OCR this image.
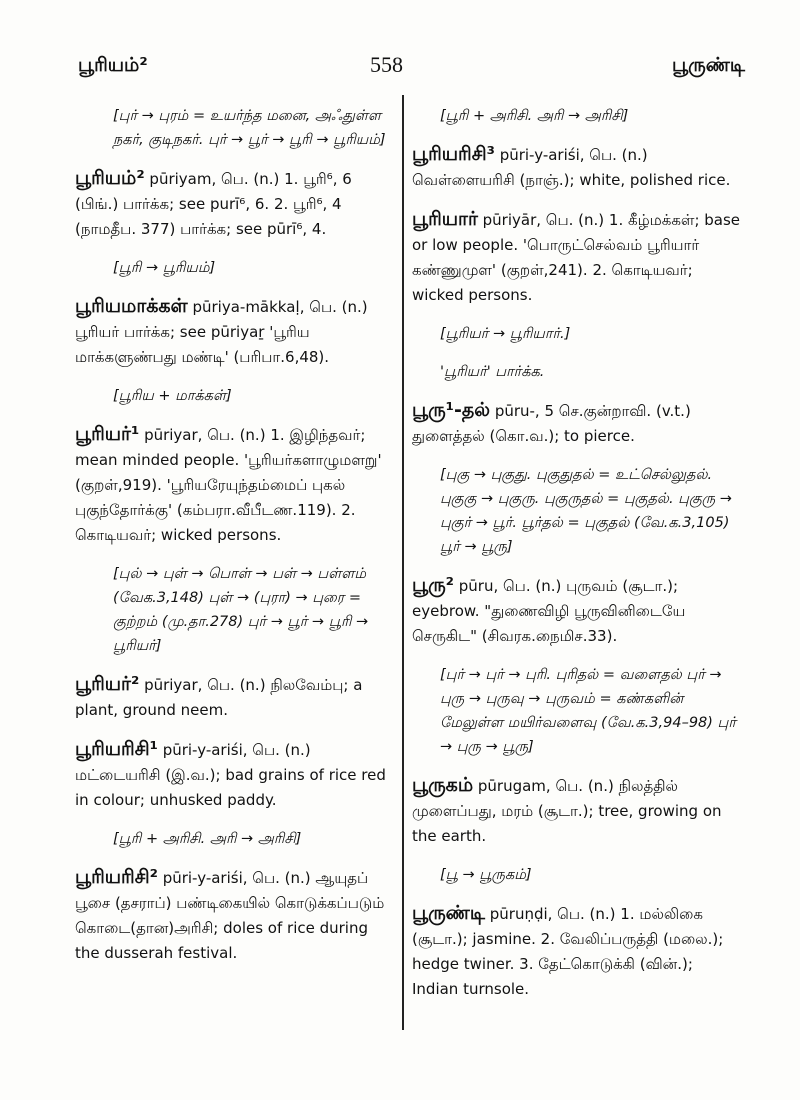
பூரியம்²	558	பூருண்டி
[புர் → புரம் = உயர்ந்த மனை, அஃதுள்ள நகர், குடிநகர். புர் → பூர் → பூரி → பூரியம்]
பூரியம்² pūriyam, பெ. (n.) 1. பூரி⁶, 6 (பிங்.) பார்க்க; see purī⁶, 6. 2. பூரி⁶, 4 (நாமதீப. 377) பார்க்க; see pūrī⁶, 4.
[பூரி → பூரியம்]
பூரியமாக்கள் pūriya-mākkaḷ, பெ. (n.) பூரியர் பார்க்க; see pūriyaṟ 'பூரிய மாக்களுண்பது மண்டி' (பரிபா.6,48).
[பூரிய + மாக்கள்]
பூரியர்¹ pūriyar, பெ. (n.) 1. இழிந்தவர்; mean minded people. 'பூரியர்களாழுமளறு' (குறள்,919). 'பூரியரேயுந்தம்மைப் புகல் புகுந்தோர்க்கு' (கம்பரா.வீபீடண.119). 2. கொடியவர்; wicked persons.
[புல் → புள் → பொள் → பள் → பள்ளம் (வேக.3,148) புள் → (புரா) → புரை = குற்றம் (மு.தா.278) புர் → பூர் → பூரி → பூரியர்]
பூரியர்² pūriyar, பெ. (n.) நிலவேம்பு; a plant, ground neem.
பூரியரிசி¹ pūri-y-ariśi, பெ. (n.) மட்டையரிசி (இ.வ.); bad grains of rice red in colour; unhusked paddy.
[பூரி + அரிசி. அரி → அரிசி]
பூரியரிசி² pūri-y-ariśi, பெ. (n.) ஆயுதப் பூசை (தசராப்) பண்டிகையில் கொடுக்கப்படும் கொடை(தான)அரிசி; doles of rice during the dusserah festival.
[பூரி + அரிசி. அரி → அரிசி]
பூரியரிசி³ pūri-y-ariśi, பெ. (n.) வெள்ளையரிசி (நாஞ்.); white, polished rice.
பூரியார் pūriyār, பெ. (n.) 1. கீழ்மக்கள்; base or low people. 'பொருட்செல்வம் பூரியார் கண்ணுமுள' (குறள்,241). 2. கொடியவர்; wicked persons.
[பூரியர் → பூரியார்.]
'பூரியர்' பார்க்க.
பூரு¹-தல் pūru-, 5 செ.குன்றாவி. (v.t.) துளைத்தல் (கொ.வ.); to pierce.
[புகு → புகுது. புகுதுதல் = உட்செல்லுதல். புகுகு → புகுரு. புகுருதல் = புகுதல். புகுரு → புகுர் → பூர். பூர்தல் = புகுதல் (வே.க.3,105) பூர் → பூரு]
பூரு² pūru, பெ. (n.) புருவம் (சூடா.); eyebrow. "துணைவிழி பூருவினிடையே செருகிட" (சிவரக.நைமிச.33).
[புர் → புர் → புரி. புரிதல் = வளைதல் புர் → புரு → புருவு → புருவம் = கண்களின் மேலுள்ள மயிர்வளைவு (வே.க.3,94–98) புர் → புரு → பூரு]
பூருகம் pūrugam, பெ. (n.) நிலத்தில் முளைப்பது, மரம் (சூடா.); tree, growing on the earth.
[பூ → பூருகம்]
பூருண்டி pūruṇḍi, பெ. (n.) 1. மல்லிகை (சூடா.); jasmine. 2. வேலிப்பருத்தி (மலை.); hedge twiner. 3. தேட்கொடுக்கி (வின்.); Indian turnsole.
